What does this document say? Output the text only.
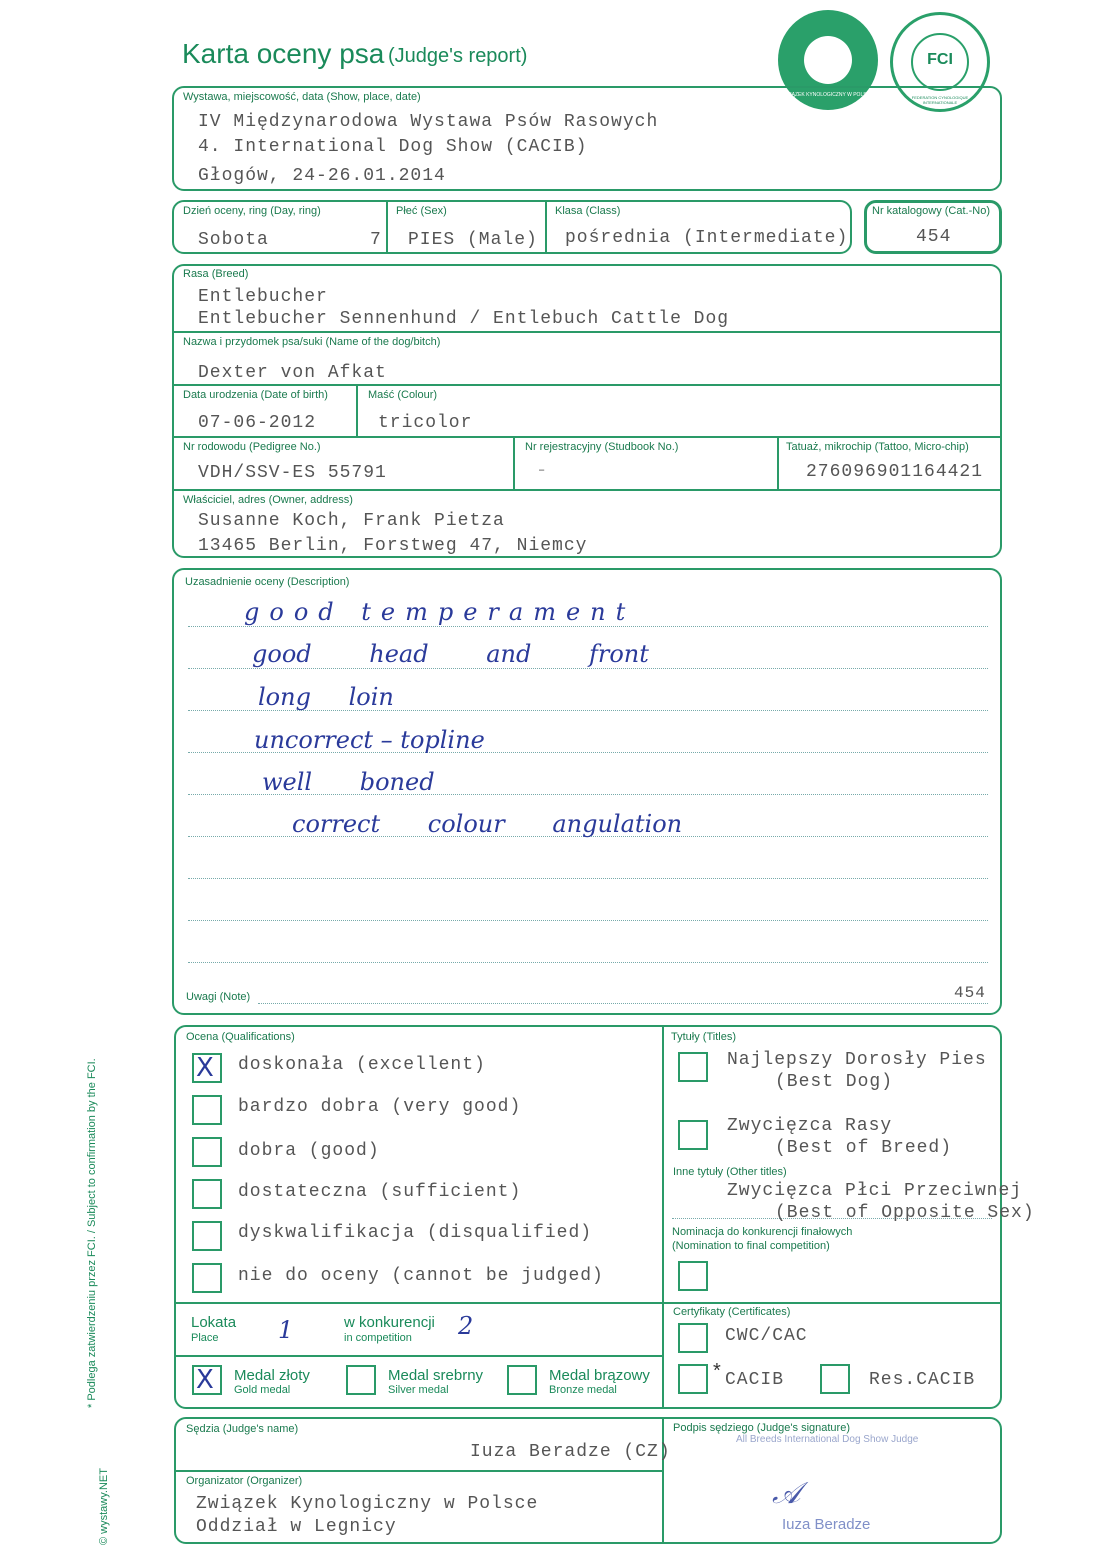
Karta oceny psa (Judge's report)
ZWIĄZEK KYNOLOGICZNY W POLSCE
FCI
FEDERATION CYNOLOGIQUE INTERNATIONALE
Wystawa, miejscowość, data (Show, place, date)
IV Międzynarodowa Wystawa Psów Rasowych
4. International Dog Show (CACIB)
Głogów, 24-26.01.2014
Dzień oceny, ring (Day, ring)
Sobota	7
Płeć (Sex)
PIES (Male)
Klasa (Class)
pośrednia (Intermediate)
Nr katalogowy (Cat.-No)
454
Rasa (Breed)
Entlebucher
Entlebucher Sennenhund / Entlebuch Cattle Dog
Nazwa i przydomek psa/suki (Name of the dog/bitch)
Dexter von Afkat
Data urodzenia (Date of birth)
07-06-2012
Maść (Colour)
tricolor
Nr rodowodu (Pedigree No.)
VDH/SSV-ES 55791
Nr rejestracyjny (Studbook No.)
–
Tatuaż, mikrochip (Tattoo, Micro-chip)
276096901164421
Właściciel, adres (Owner, address)
Susanne Koch, Frank Pietza
13465 Berlin, Forstweg 47, Niemcy
Uzasadnienie oceny (Description)
good temperament
good head and front
long loin
uncorrect – topline
well boned
correct colour angulation
Uwagi (Note)	454
Ocena (Qualifications)
X doskonała (excellent)
bardzo dobra (very good)
dobra (good)
dostateczna (sufficient)
dyskwalifikacja (disqualified)
nie do oceny (cannot be judged)
Lokata
Place 1	w konkurencji
in competition 2
X Medal złoty
Gold medal
Medal srebrny
Silver medal
Medal brązowy
Bronze medal
Tytuły (Titles)
Najlepszy Dorosły Pies
(Best Dog)
Zwycięzca Rasy
(Best of Breed)
Inne tytuły (Other titles)
Zwycięzca Płci Przeciwnej
(Best of Opposite Sex)
Nominacja do konkurencji finałowych
(Nomination to final competition)
Certyfikaty (Certificates)
CWC/CAC
* CACIB	Res.CACIB
Sędzia (Judge's name)
Iuza Beradze (CZ)
Organizator (Organizer)
Związek Kynologiczny w Polsce
Oddział w Legnicy
Podpis sędziego (Judge's signature)
All Breeds International Dog Show Judge
𝒜
Iuza Beradze
* Podlega zatwierdzeniu przez FCI. / Subject to confirmation by the FCI.
© wystawy.NET
